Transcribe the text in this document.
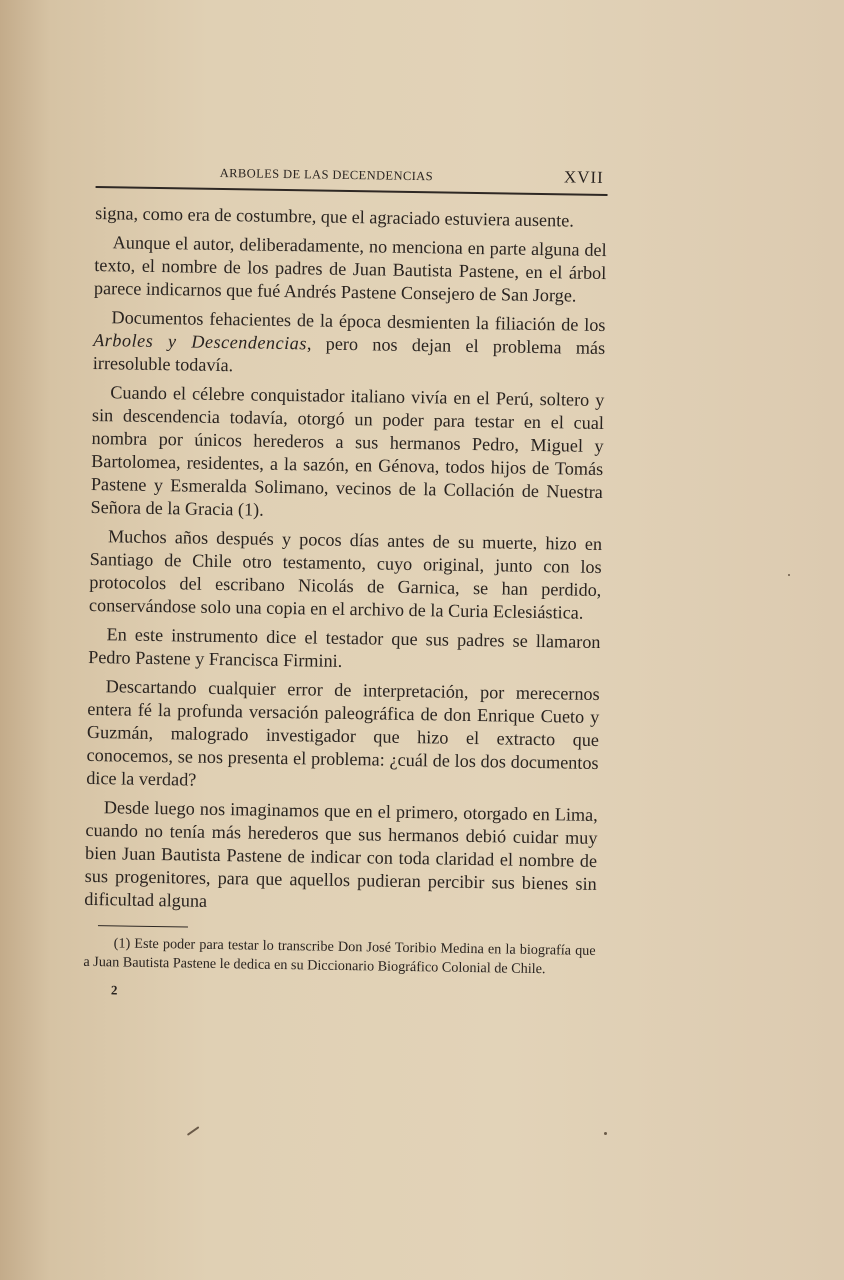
ARBOLES DE LAS DECENDENCIAS	XVII

signa, como era de costumbre, que el agraciado estuviera ausente.

Aunque el autor, deliberadamente, no menciona en parte alguna del texto, el nombre de los padres de Juan Bautista Pastene, en el árbol parece indicarnos que fué Andrés Pastene Consejero de San Jorge.

Documentos fehacientes de la época desmienten la filiación de los Arboles y Descendencias, pero nos dejan el problema más irresoluble todavía.

Cuando el célebre conquistador italiano vivía en el Perú, soltero y sin descendencia todavía, otorgó un poder para testar en el cual nombra por únicos herederos a sus hermanos Pedro, Miguel y Bartolomea, residentes, a la sazón, en Génova, todos hijos de Tomás Pastene y Esmeralda Solimano, vecinos de la Collación de Nuestra Señora de la Gracia (1).

Muchos años después y pocos días antes de su muerte, hizo en Santiago de Chile otro testamento, cuyo original, junto con los protocolos del escribano Nicolás de Garnica, se han perdido, conservándose solo una copia en el archivo de la Curia Eclesiástica.

En este instrumento dice el testador que sus padres se llamaron Pedro Pastene y Francisca Firmini.

Descartando cualquier error de interpretación, por merecernos entera fé la profunda versación paleográfica de don Enrique Cueto y Guzmán, malogrado investigador que hizo el extracto que conocemos, se nos presenta el problema: ¿cuál de los dos documentos dice la verdad?

Desde luego nos imaginamos que en el primero, otorgado en Lima, cuando no tenía más herederos que sus hermanos debió cuidar muy bien Juan Bautista Pastene de indicar con toda claridad el nombre de sus progenitores, para que aquellos pudieran percibir sus bienes sin dificultad alguna

(1) Este poder para testar lo transcribe Don José Toribio Medina en la biografía que a Juan Bautista Pastene le dedica en su Diccionario Biográfico Colonial de Chile.

2
